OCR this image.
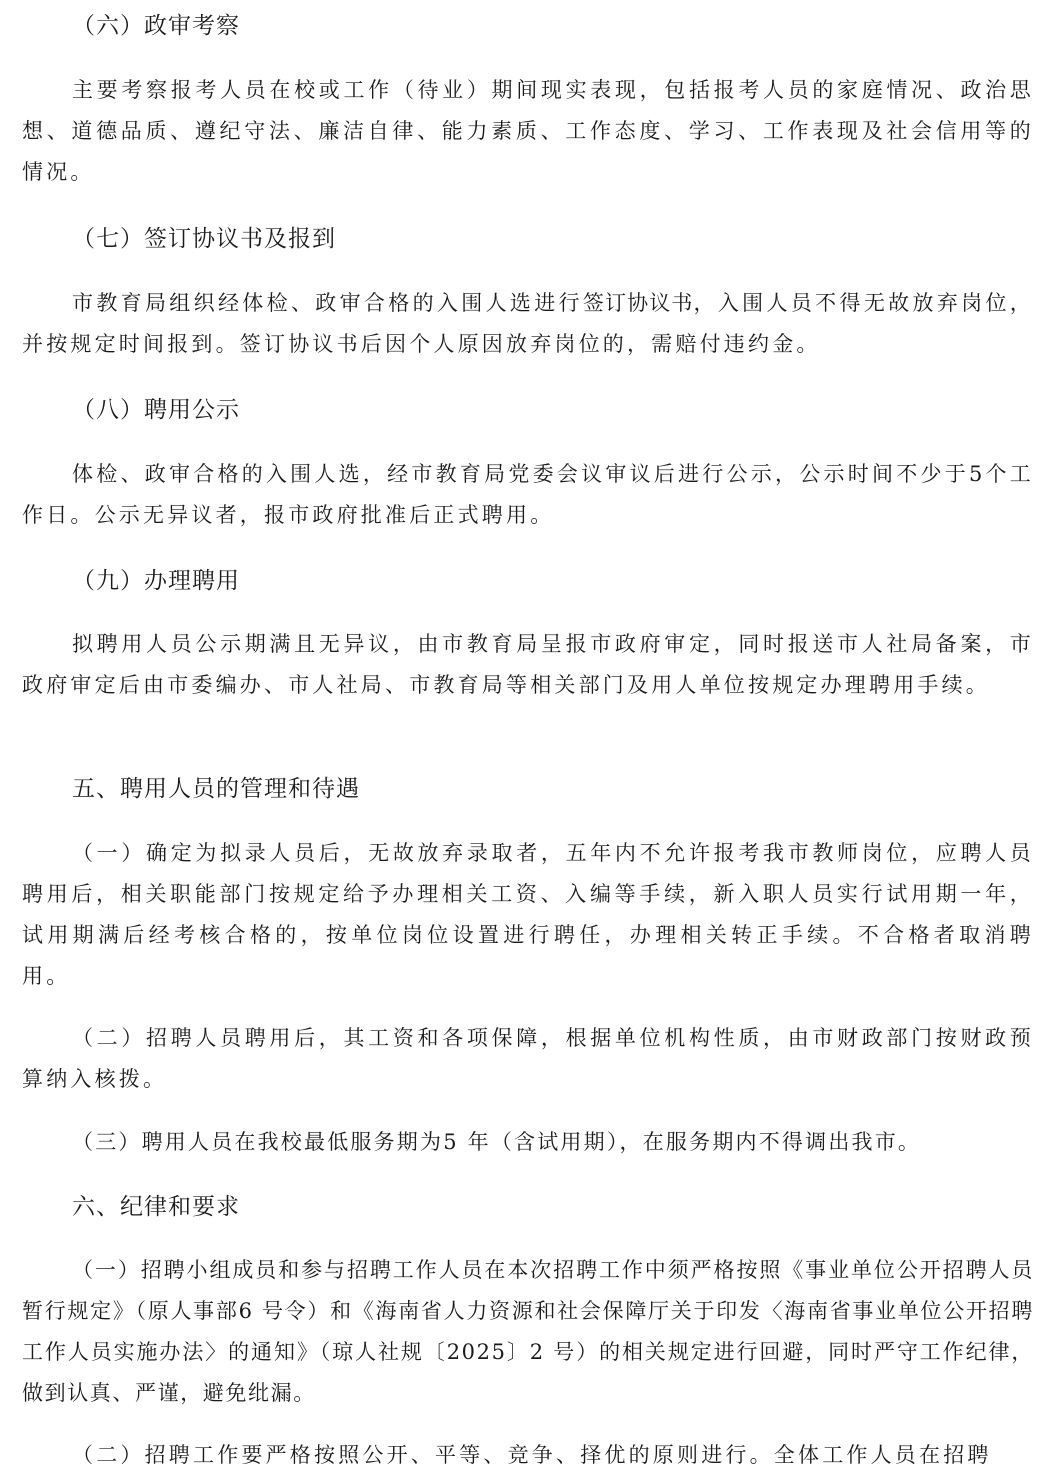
（六）政审考察

主要考察报考人员在校或工作（待业）期间现实表现，包括报考人员的家庭情况、政治思想、道德品质、遵纪守法、廉洁自律、能力素质、工作态度、学习、工作表现及社会信用等的情况。

（七）签订协议书及报到

市教育局组织经体检、政审合格的入围人选进行签订协议书，入围人员不得无故放弃岗位，并按规定时间报到。签订协议书后因个人原因放弃岗位的，需赔付违约金。

（八）聘用公示

体检、政审合格的入围人选，经市教育局党委会议审议后进行公示，公示时间不少于5个工作日。公示无异议者，报市政府批准后正式聘用。

（九）办理聘用

拟聘用人员公示期满且无异议，由市教育局呈报市政府审定，同时报送市人社局备案，市政府审定后由市委编办、市人社局、市教育局等相关部门及用人单位按规定办理聘用手续。

五、聘用人员的管理和待遇

（一）确定为拟录人员后，无故放弃录取者，五年内不允许报考我市教师岗位，应聘人员聘用后，相关职能部门按规定给予办理相关工资、入编等手续，新入职人员实行试用期一年，试用期满后经考核合格的，按单位岗位设置进行聘任，办理相关转正手续。不合格者取消聘用。

（二）招聘人员聘用后，其工资和各项保障，根据单位机构性质，由市财政部门按财政预算纳入核拨。

（三）聘用人员在我校最低服务期为5 年（含试用期），在服务期内不得调出我市。

六、纪律和要求

（一）招聘小组成员和参与招聘工作人员在本次招聘工作中须严格按照《事业单位公开招聘人员暂行规定》（原人事部6 号令）和《海南省人力资源和社会保障厅关于印发〈海南省事业单位公开招聘工作人员实施办法〉的通知》（琼人社规〔2025〕2 号）的相关规定进行回避，同时严守工作纪律，做到认真、严谨，避免纰漏。

（二）招聘工作要严格按照公开、平等、竞争、择优的原则进行。全体工作人员在招聘
